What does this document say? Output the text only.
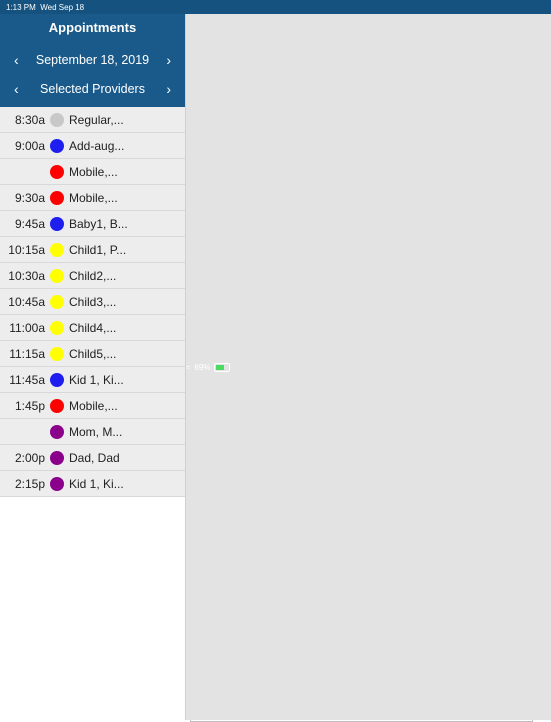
1:13 PM Wed Sep 18
≈ 69%
Appointments
‹ September 18, 2019 ›
‹ Selected Providers ›
8:30a	Regular,...
9:00a	Add-aug...
Mobile,...
9:30a	Mobile,...
9:45a	Baby1, B...
10:15a	Child1, P...
10:30a	Child2,...
10:45a	Child3,...
11:00a	Child4,...
11:15a	Child5,...
11:45a	Kid 1, Ki...
1:45p	Mobile,...
Mom, M...
2:00p	Dad, Dad
2:15p	Kid 1, Ki...
